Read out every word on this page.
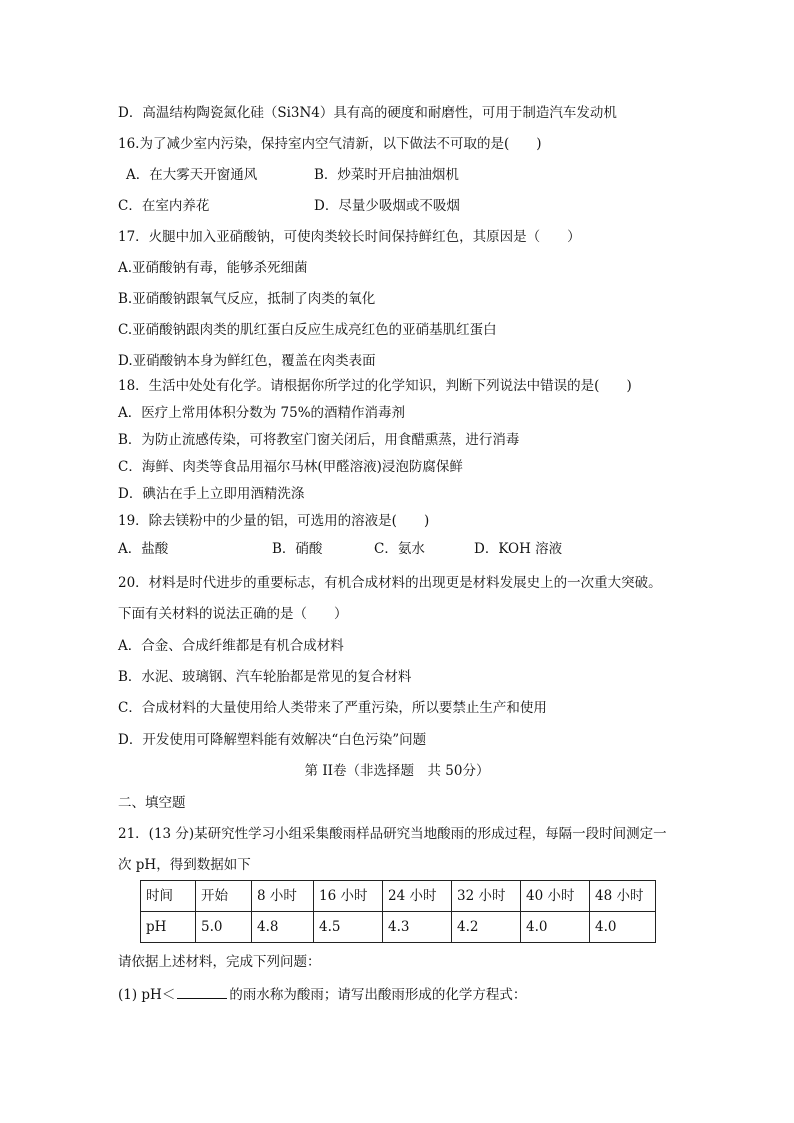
D．高温结构陶瓷氮化硅（Si3N4）具有高的硬度和耐磨性，可用于制造汽车发动机
16.为了减少室内污染，保持室内空气清新，以下做法不可取的是(　　)
A．在大雾天开窗通风	B．炒菜时开启抽油烟机
C．在室内养花	D．尽量少吸烟或不吸烟
17．火腿中加入亚硝酸钠，可使肉类较长时间保持鲜红色，其原因是（　　）
A.亚硝酸钠有毒，能够杀死细菌
B.亚硝酸钠跟氧气反应，抵制了肉类的氧化
C.亚硝酸钠跟肉类的肌红蛋白反应生成亮红色的亚硝基肌红蛋白
D.亚硝酸钠本身为鲜红色，覆盖在肉类表面
18．生活中处处有化学。请根据你所学过的化学知识，判断下列说法中错误的是(　　)
A．医疗上常用体积分数为 75%的酒精作消毒剂
B．为防止流感传染，可将教室门窗关闭后，用食醋熏蒸，进行消毒
C．海鲜、肉类等食品用福尔马林(甲醛溶液)浸泡防腐保鲜
D．碘沾在手上立即用酒精洗涤
19．除去镁粉中的少量的铝，可选用的溶液是(　　)
A．盐酸	B．硝酸	C．氨水	D．KOH 溶液
20．材料是时代进步的重要标志，有机合成材料的出现更是材料发展史上的一次重大突破。
下面有关材料的说法正确的是（　　）
A．合金、合成纤维都是有机合成材料
B．水泥、玻璃钢、汽车轮胎都是常见的复合材料
C．合成材料的大量使用给人类带来了严重污染，所以要禁止生产和使用
D．开发使用可降解塑料能有效解决“白色污染”问题
第 II卷（非选择题　共 50分）
二、填空题
21．(13 分)某研究性学习小组采集酸雨样品研究当地酸雨的形成过程，每隔一段时间测定一
次 pH，得到数据如下
时间	开始	8 小时	16 小时	24 小时	32 小时	40 小时	48 小时
pH	5.0	4.8	4.5	4.3	4.2	4.0	4.0
请依据上述材料，完成下列问题：
(1) pH＜	的雨水称为酸雨；请写出酸雨形成的化学方程式：
